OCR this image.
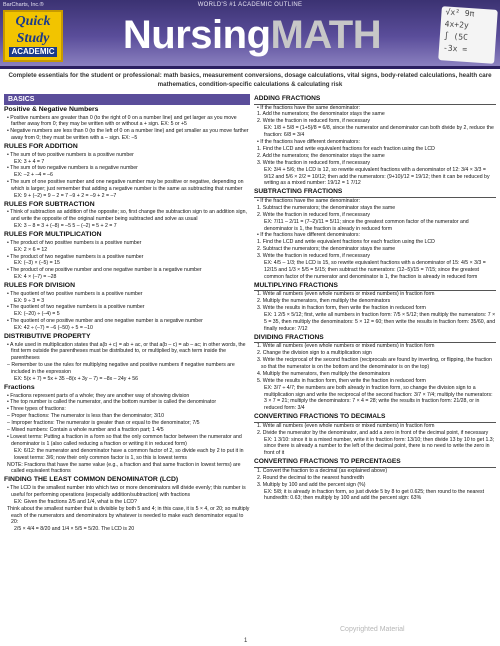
BarCharts, Inc.®	WORLD'S #1 ACADEMIC OUTLINE
Quick
Study
ACADEMIC	NursingMATH
√x² 9π
4x+2y
∫ (5C
-3x =
Complete essentials for the student or professional: math basics, measurement conversions, dosage calculations, vital signs, body-related calculations, health care mathematics, condition-specific calculations & calculating risk
BASICS
Positive & Negative Numbers
• Positive numbers are greater than 0 (to the right of 0 on a number line) and get larger as you move farther away from 0; they may be written with or without a + sign. EX: 5 or +5
• Negative numbers are less than 0 (to the left of 0 on a number line) and get smaller as you move farther away from 0; they must be written with a – sign. EX: –5
RULES FOR ADDITION
• The sum of two positive numbers is a positive number
EX: 3 + 4 = 7
• The sum of two negative numbers is a negative number
EX: –2 + –4 = –6
• The sum of one positive number and one negative number may be positive or negative, depending on which is larger; just remember that adding a negative number is the same as subtracting that number
EX: 9 + (–2) = 9 – 2 = 7 –9 + 2 = –9 + 2 = –7
RULES FOR SUBTRACTION
• Think of subtraction as addition of the opposite; so, first change the subtraction sign to an addition sign, and write the opposite of the original number being subtracted and solve as usual
EX: 3 – 8 = 3 + (–8) = –5 5 – (–2) = 5 + 2 = 7
RULES FOR MULTIPLICATION
• The product of two positive numbers is a positive number
EX: 2 × 6 = 12
• The product of two negative numbers is a positive number
EX: (–3) × (–5) = 15
• The product of one positive number and one negative number is a negative number
EX: 4 × (–7) = –28
RULES FOR DIVISION
• The quotient of two positive numbers is a positive number
EX: 9 ÷ 3 = 3
• The quotient of two negative numbers is a positive number
EX: (–20) ÷ (–4) = 5
• The quotient of one positive number and one negative number is a negative number
EX: 42 ÷ (–7) = –6 (–50) ÷ 5 = –10
DISTRIBUTIVE PROPERTY
• A rule used in multiplication states that a(b + c) = ab + ac, or that a(b – c) = ab – ac; in other words, the first term outside the parentheses must be distributed to, or multiplied by, each term inside the parentheses
– Remember to use the rules for multiplying negative and positive numbers if negative numbers are included in the expression
EX: 5(x + 7) = 5x + 35 –8(x + 3y – 7) = –8x – 24y + 56
Fractions
• Fractions represent parts of a whole; they are another way of showing division
• The top number is called the numerator, and the bottom number is called the denominator
• Three types of fractions:
– Proper fractions: The numerator is less than the denominator; 3/10
– Improper fractions: The numerator is greater than or equal to the denominator; 7/5
– Mixed numbers: Contain a whole number and a fraction part; 1 4/5
• Lowest terms: Putting a fraction in a form so that the only common factor between the numerator and denominator is 1 (also called reducing a fraction or writing it in reduced form)
EX: 6/12: the numerator and denominator have a common factor of 2, so divide each by 2 to put it in lowest terms: 3/6; now their only common factor is 1, so this is lowest terms
NOTE: Fractions that have the same value (e.g., a fraction and that same fraction in lowest terms) are called equivalent fractions
FINDING THE LEAST COMMON DENOMINATOR (LCD)
• The LCD is the smallest number into which two or more denominators will divide evenly; this number is useful for performing operations (especially addition/subtraction) with fractions
EX: Given the fractions 2/5 and 1/4, what is the LCD?
Think about the smallest number that is divisible by both 5 and 4; in this case, it is 5 × 4, or 20; so multiply each of the numerators and denominators by whatever is needed to make each denominator equal to 20:
2/5 × 4/4 = 8/20 and 1/4 × 5/5 = 5/20. The LCD is 20
ADDING FRACTIONS
• If the fractions have the same denominator:
1. Add the numerators; the denominator stays the same
2. Write the fraction in reduced form, if necessary
EX: 1/8 + 5/8 = (1+5)/8 = 6/8, since the numerator and denominator can both divide by 2, reduce the fraction: 6/8 = 3/4
• If the fractions have different denominators:
1. Find the LCD and write equivalent fractions for each fraction using the LCD
2. Add the numerators; the denominator stays the same
3. Write the fraction in reduced form, if necessary
EX: 3/4 + 5/6; the LCD is 12, so rewrite equivalent fractions with a denominator of 12: 3/4 × 3/3 = 9/12 and 5/6 × 2/2 = 10/12; then add the numerators: (9+10)/12 = 19/12; then it can be reduced by writing as a mixed number: 19/12 = 1 7/12
SUBTRACTING FRACTIONS
• If the fractions have the same denominator:
1. Subtract the numerators; the denominator stays the same
2. Write the fraction in reduced form, if necessary
EX: 7/11 – 2/11 = (7–2)/11 = 5/11; since the greatest common factor of the numerator and denominator is 1, the fraction is already in reduced form
• If the fractions have different denominators:
1. Find the LCD and write equivalent fractions for each fraction using the LCD
2. Subtract the numerators; the denominator stays the same
3. Write the fraction in reduced form, if necessary
EX: 4/5 – 1/3; the LCD is 15, so rewrite equivalent fractions with a denominator of 15: 4/5 × 3/3 = 12/15 and 1/3 × 5/5 = 5/15; then subtract the numerators: (12–5)/15 = 7/15; since the greatest common factor of the numerator and denominator is 1, the fraction is already in reduced form
MULTIPLYING FRACTIONS
1. Write all numbers (even whole numbers or mixed numbers) in fraction form
2. Multiply the numerators, then multiply the denominators
3. Write the results in fraction form, then write the fraction in reduced form
EX: 1 2/5 × 5/12; first, write all numbers in fraction form: 7/5 × 5/12; then multiply the numerators: 7 × 5 = 35, then multiply the denominators: 5 × 12 = 60; then write the results in fraction form: 35/60, and finally reduce: 7/12
DIVIDING FRACTIONS
1. Write all numbers (even whole numbers or mixed numbers) in fraction form
2. Change the division sign to a multiplication sign
3. Write the reciprocal of the second fraction (reciprocals are found by inverting, or flipping, the fraction so that the numerator is on the bottom and the denominator is on the top)
4. Multiply the numerators, then multiply the denominators
5. Write the results in fraction form, then write the fraction in reduced form
EX: 3/7 ÷ 4/7; the numbers are both already in fraction form, so change the division sign to a multiplication sign and write the reciprocal of the second fraction: 3/7 × 7/4; multiply the numerators: 3 × 7 = 21; multiply the denominators: 7 × 4 = 28; write the results in fraction form: 21/28, or in reduced form: 3/4
CONVERTING FRACTIONS TO DECIMALS
1. Write all numbers (even whole numbers or mixed numbers) in fraction form
2. Divide the numerator by the denominator, and add a zero in front of the decimal point, if necessary
EX: 1 3/10: since it is a mixed number, write it in fraction form: 13/10; then divide 13 by 10 to get 1.3; since there is already a number to the left of the decimal point, there is no need to write the zero in front of it
CONVERTING FRACTIONS TO PERCENTAGES
1. Convert the fraction to a decimal (as explained above)
2. Round the decimal to the nearest hundredth
3. Multiply by 100 and add the percent sign (%)
EX: 5/8; it is already in fraction form, so just divide 5 by 8 to get 0.625; then round to the nearest hundredth: 0.63; then multiply by 100 and add the percent sign: 63%
Copyrighted Material
1
